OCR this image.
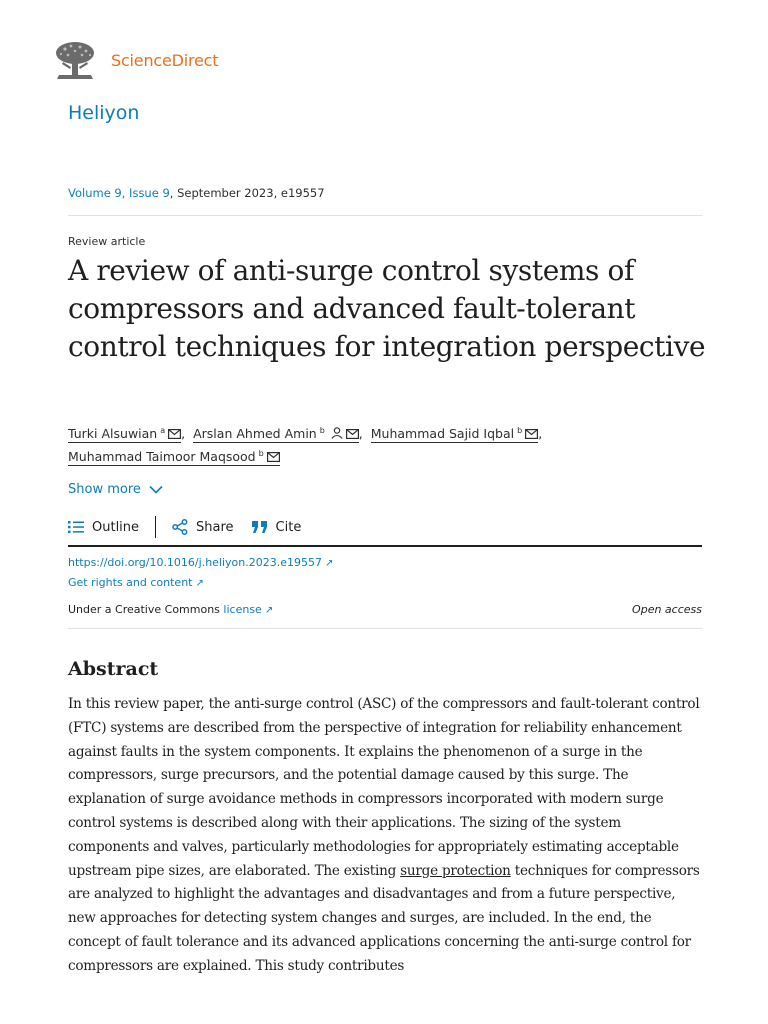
ScienceDirect
Heliyon
Volume 9, Issue 9, September 2023, e19557
Review article
A review of anti-surge control systems of compressors and advanced fault-tolerant control techniques for integration perspective
Turki Alsuwian $^a$ , Arslan Ahmed Amin $^b$	, Muhammad Sajid Iqbal $^b$ ,
Muhammad Taimoor Maqsood $^b$
Show more
Outline	Share	Cite
https://doi.org/10.1016/j.heliyon.2023.e19557 ↗
Get rights and content ↗
Under a Creative Commons license ↗	Open access
Abstract

In this review paper, the anti-surge control (ASC) of the compressors and fault-tolerant control (FTC) systems are described from the perspective of integration for reliability enhancement against faults in the system components. It explains the phenomenon of a surge in the compressors, surge precursors, and the potential damage caused by this surge. The explanation of surge avoidance methods in compressors incorporated with modern surge control systems is described along with their applications. The sizing of the system components and valves, particularly methodologies for appropriately estimating acceptable upstream pipe sizes, are elaborated. The existing surge protection techniques for compressors are analyzed to highlight the advantages and disadvantages and from a future perspective, new approaches for detecting system changes and surges, are included. In the end, the concept of fault tolerance and its advanced applications concerning the anti-surge control for compressors are explained. This study contributes
